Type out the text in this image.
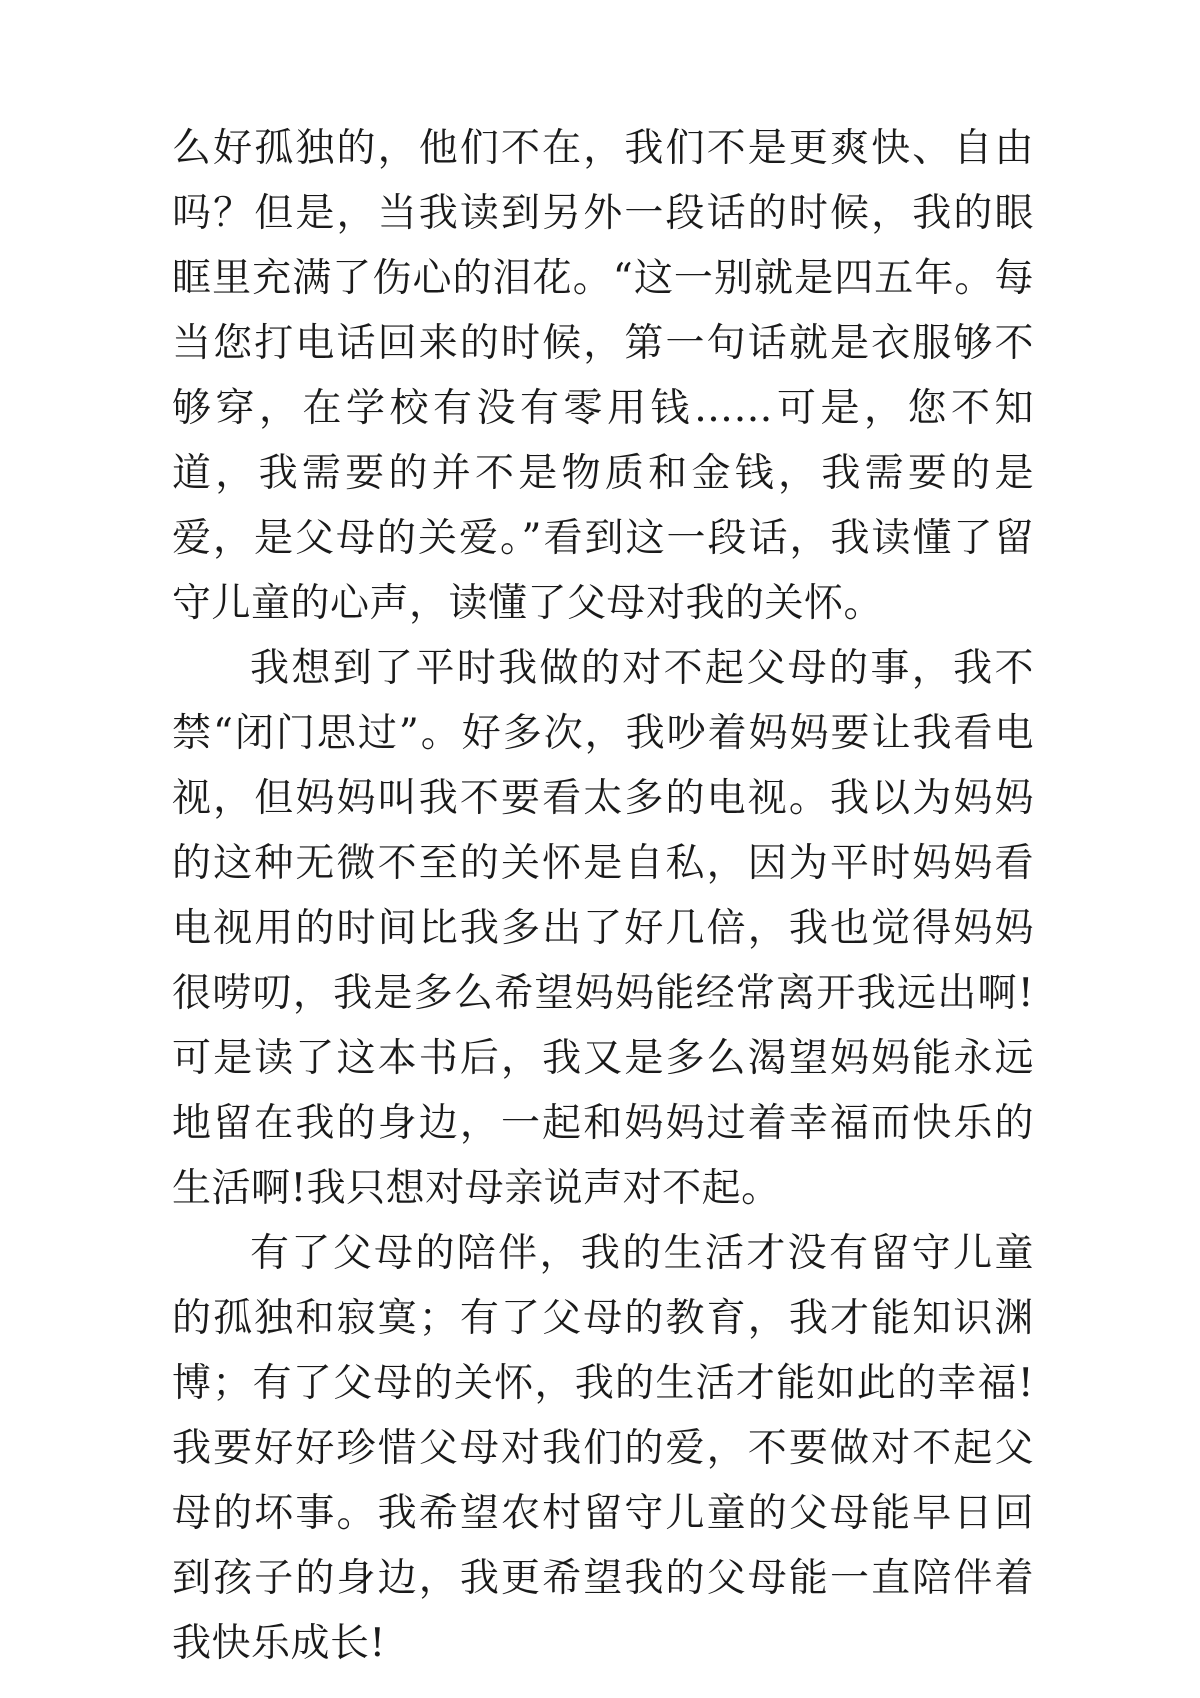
么好孤独的，他们不在，我们不是更爽快、自由吗？但是，当我读到另外一段话的时候，我的眼眶里充满了伤心的泪花。“这一别就是四五年。每当您打电话回来的时候，第一句话就是衣服够不够穿，在学校有没有零用钱……可是，您不知道，我需要的并不是物质和金钱，我需要的是爱，是父母的关爱。”看到这一段话，我读懂了留守儿童的心声，读懂了父母对我的关怀。

我想到了平时我做的对不起父母的事，我不禁“闭门思过”。好多次，我吵着妈妈要让我看电视，但妈妈叫我不要看太多的电视。我以为妈妈的这种无微不至的关怀是自私，因为平时妈妈看电视用的时间比我多出了好几倍，我也觉得妈妈很唠叨，我是多么希望妈妈能经常离开我远出啊!可是读了这本书后，我又是多么渴望妈妈能永远地留在我的身边，一起和妈妈过着幸福而快乐的生活啊!我只想对母亲说声对不起。

有了父母的陪伴，我的生活才没有留守儿童的孤独和寂寞；有了父母的教育，我才能知识渊博；有了父母的关怀，我的生活才能如此的幸福!我要好好珍惜父母对我们的爱，不要做对不起父母的坏事。我希望农村留守儿童的父母能早日回到孩子的身边，我更希望我的父母能一直陪伴着我快乐成长!
